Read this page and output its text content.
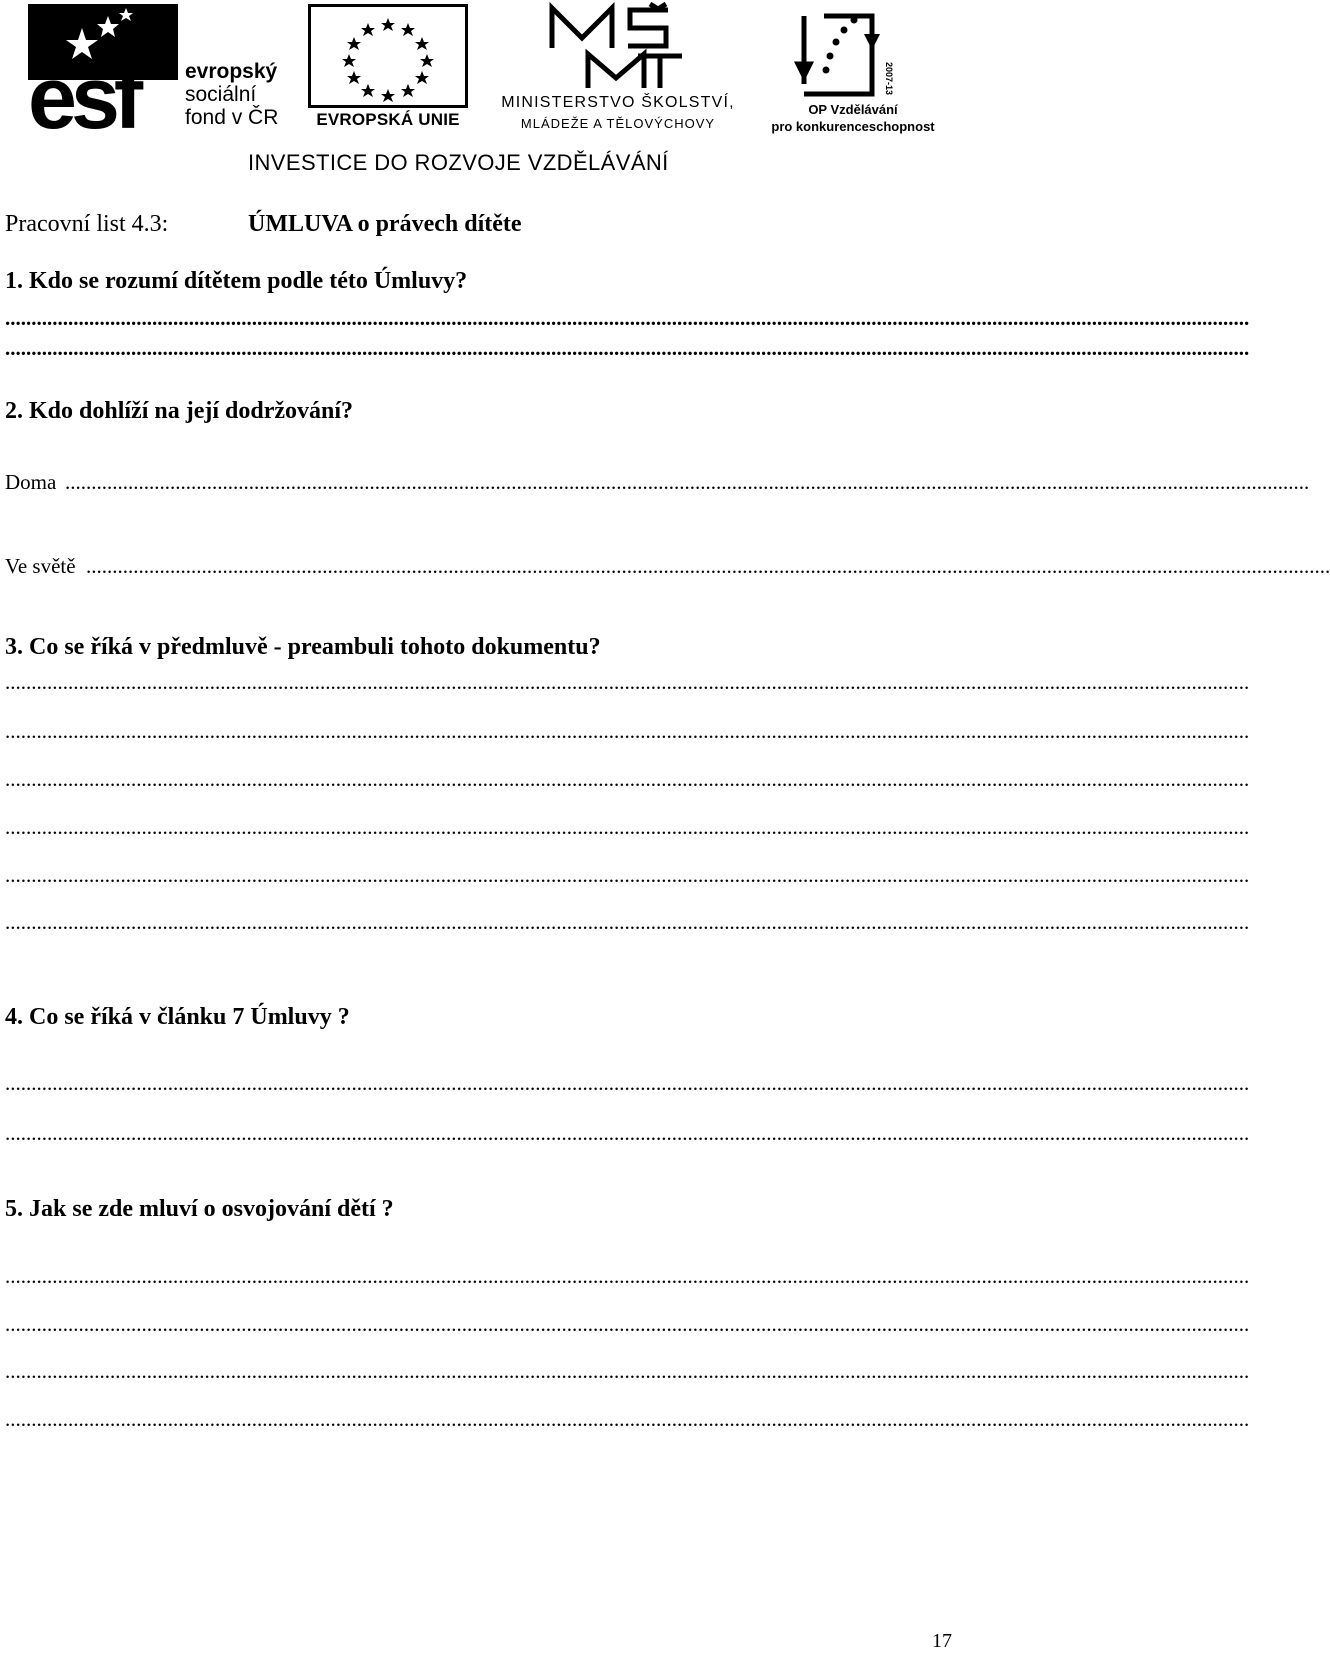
esf	evropský
sociální
fond v ČR	EVROPSKÁ UNIE
MINISTERSTVO ŠKOLSTVÍ,
MLÁDEŽE A TĚLOVÝCHOVY
2007-13
OP Vzdělávání
pro konkurenceschopnost
INVESTICE DO ROZVOJE VZDĚLÁVÁNÍ
Pracovní list 4.3:	ÚMLUVA o právech dítěte
1. Kdo se rozumí dítětem podle této Úmluvy?
.............................................................................................................................................................................................................................................
.............................................................................................................................................................................................................................................
2. Kdo dohlíží na její dodržování?
Doma .............................................................................................................................................................................................................................................
Ve světě .............................................................................................................................................................................................................................................
3. Co se říká v předmluvě - preambuli tohoto dokumentu?
.............................................................................................................................................................................................................................................
.............................................................................................................................................................................................................................................
.............................................................................................................................................................................................................................................
.............................................................................................................................................................................................................................................
.............................................................................................................................................................................................................................................
.............................................................................................................................................................................................................................................
4. Co se říká v článku 7 Úmluvy ?
.............................................................................................................................................................................................................................................
.............................................................................................................................................................................................................................................
5. Jak se zde mluví o osvojování dětí ?
.............................................................................................................................................................................................................................................
.............................................................................................................................................................................................................................................
.............................................................................................................................................................................................................................................
.............................................................................................................................................................................................................................................
17
